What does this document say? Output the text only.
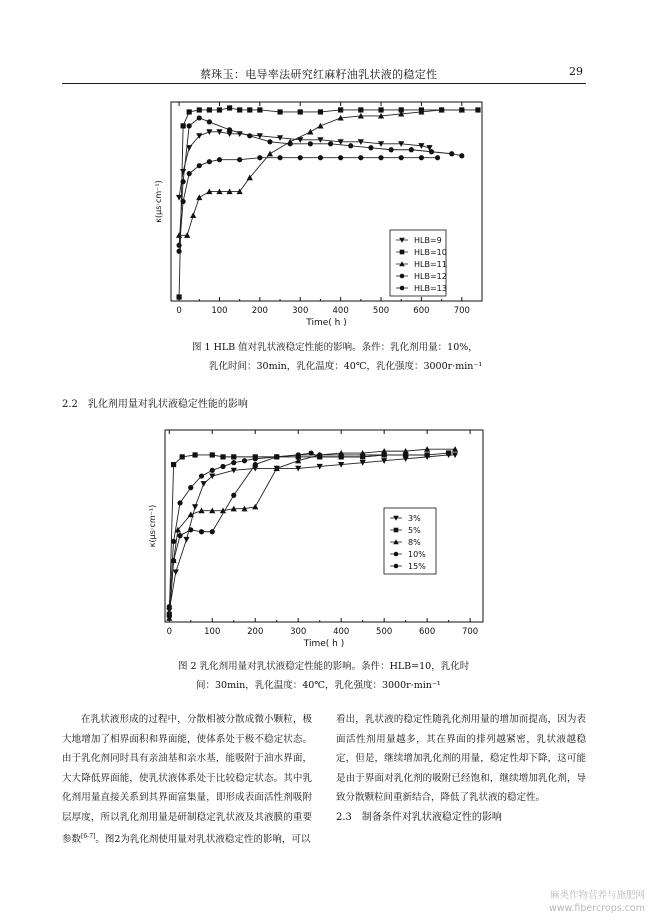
蔡珠玉：电导率法研究红麻籽油乳状液的稳定性	29
0	100	200	300	400	500	600	700
Time( h )
κ(μs·cm⁻¹)
HLB=9
HLB=10
HLB=11
HLB=12
HLB=13
图 1 HLB 值对乳状液稳定性能的影响。条件：乳化剂用量：10%，
乳化时间：30min，乳化温度：40℃，乳化强度：3000r·min⁻¹
2.2　乳化剂用量对乳状液稳定性能的影响
0	100	200	300	400	500	600	700
Time( h )
κ(μs·cm⁻¹)	3%
5%
8%
10%
15%
图 2 乳化剂用量对乳状液稳定性能的影响。条件：HLB=10，乳化时
间：30min，乳化温度：40℃，乳化强度：3000r·min⁻¹

在乳状液形成的过程中，分散相被分散成微小颗粒，极大地增加了相界面积和界面能，使体系处于极不稳定状态。由于乳化剂同时具有亲油基和亲水基，能吸附于油水界面，大大降低界面能，使乳状液体系处于比较稳定状态。其中乳化剂用量直接关系到其界面富集量，即形成表面活性剂吸附层厚度，所以乳化剂用量是研制稳定乳状液及其液膜的重要参数[6-7]。图2为乳化剂使用量对乳状液稳定性的影响，可以

看出，乳状液的稳定性随乳化剂用量的增加而提高，因为表面活性剂用量越多，其在界面的排列越紧密，乳状液越稳定，但是，继续增加乳化剂的用量，稳定性却下降，这可能是由于界面对乳化剂的吸附已经饱和，继续增加乳化剂，导致分散颗粒间重新结合，降低了乳状液的稳定性。

2.3　制备条件对乳状液稳定性的影响
麻类作物营养与施肥网
www.fibercrops.com
